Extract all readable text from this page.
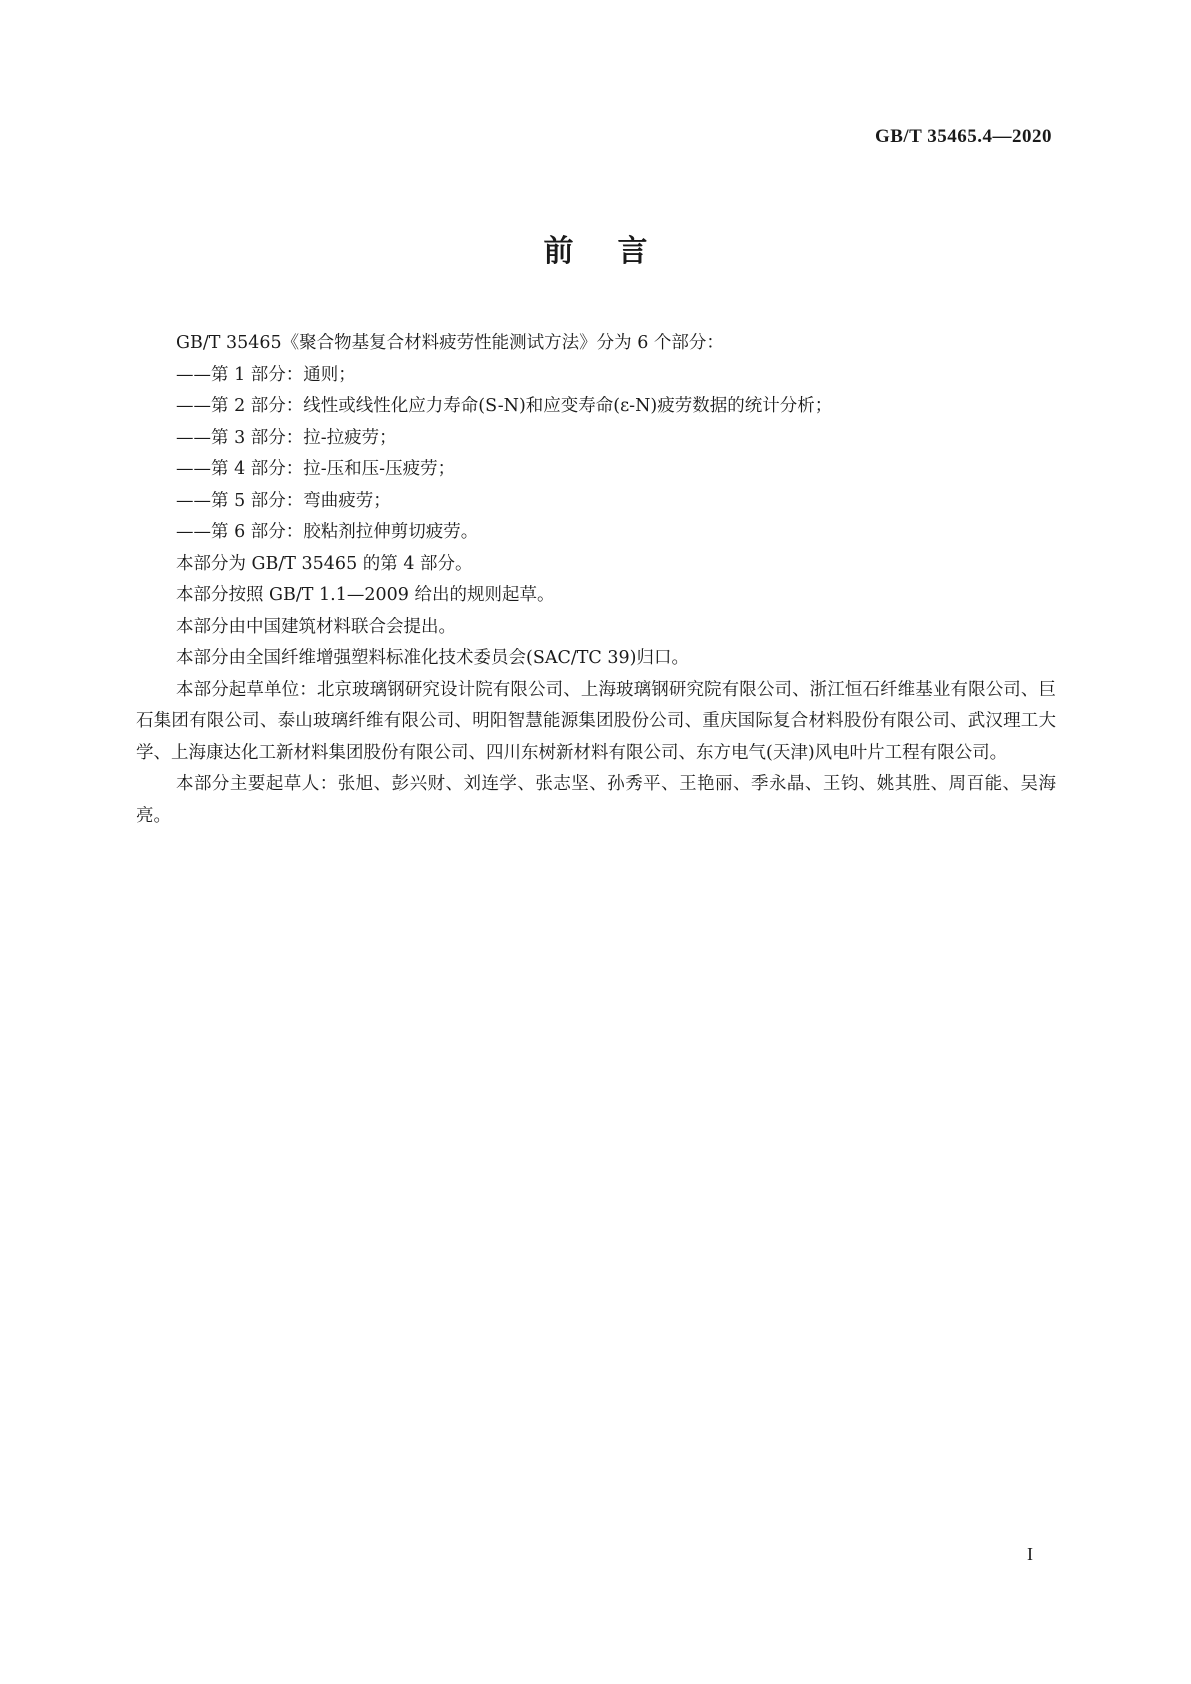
GB/T 35465.4—2020
前言

GB/T 35465《聚合物基复合材料疲劳性能测试方法》分为 6 个部分：

——第 1 部分：通则；

——第 2 部分：线性或线性化应力寿命(S-N)和应变寿命(ε-N)疲劳数据的统计分析；

——第 3 部分：拉-拉疲劳；

——第 4 部分：拉-压和压-压疲劳；

——第 5 部分：弯曲疲劳；

——第 6 部分：胶粘剂拉伸剪切疲劳。

本部分为 GB/T 35465 的第 4 部分。

本部分按照 GB/T 1.1—2009 给出的规则起草。

本部分由中国建筑材料联合会提出。

本部分由全国纤维增强塑料标准化技术委员会(SAC/TC 39)归口。

本部分起草单位：北京玻璃钢研究设计院有限公司、上海玻璃钢研究院有限公司、浙江恒石纤维基业有限公司、巨石集团有限公司、泰山玻璃纤维有限公司、明阳智慧能源集团股份公司、重庆国际复合材料股份有限公司、武汉理工大学、上海康达化工新材料集团股份有限公司、四川东树新材料有限公司、东方电气(天津)风电叶片工程有限公司。

本部分主要起草人：张旭、彭兴财、刘连学、张志坚、孙秀平、王艳丽、季永晶、王钧、姚其胜、周百能、吴海亮。

I
